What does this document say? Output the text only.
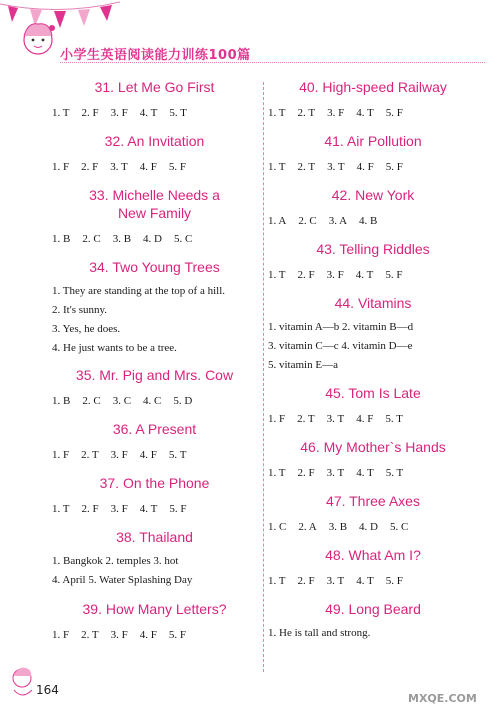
小学生英语阅读能力训练100篇
31. Let Me Go First
1. T 2. F 3. F 4. T 5. T
32. An Invitation
1. F 2. F 3. T 4. F 5. F
33. Michelle Needs a New Family
1. B 2. C 3. B 4. D 5. C
34. Two Young Trees
1. They are standing at the top of a hill.
2. It's sunny.
3. Yes, he does.
4. He just wants to be a tree.
35. Mr. Pig and Mrs. Cow
1. B 2. C 3. C 4. C 5. D
36. A Present
1. F 2. T 3. F 4. F 5. T
37. On the Phone
1. T 2. F 3. F 4. T 5. F
38. Thailand
1. Bangkok 2. temples 3. hot
4. April 5. Water Splashing Day
39. How Many Letters?
1. F 2. T 3. F 4. F 5. F
40. High-speed Railway
1. T 2. T 3. F 4. T 5. F
41. Air Pollution
1. T 2. T 3. T 4. F 5. F
42. New York
1. A 2. C 3. A 4. B
43. Telling Riddles
1. T 2. F 3. F 4. T 5. F
44. Vitamins
1. vitamin A—b 2. vitamin B—d
3. vitamin C—c 4. vitamin D—e
5. vitamin E—a
45. Tom Is Late
1. F 2. T 3. T 4. F 5. T
46. My Mother`s Hands
1. T 2. F 3. T 4. T 5. T
47. Three Axes
1. C 2. A 3. B 4. D 5. C
48. What Am I?
1. T 2. F 3. T 4. T 5. F
49. Long Beard
1. He is tall and strong.
164
MXQE.COM
